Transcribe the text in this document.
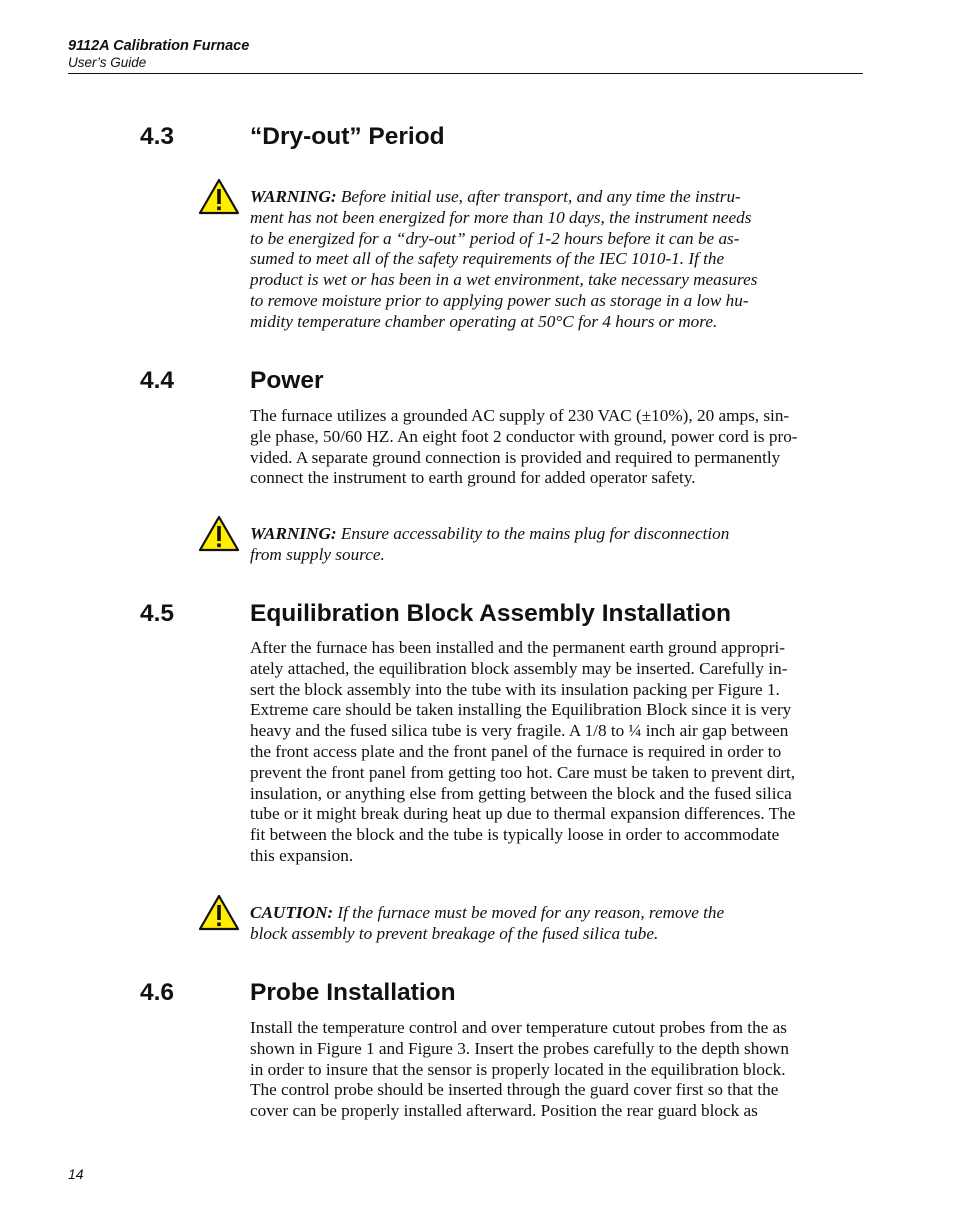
9112A Calibration Furnace
User’s Guide
4.3	“Dry-out” Period
WARNING: Before initial use, after transport, and any time the instru-
ment has not been energized for more than 10 days, the instrument needs
to be energized for a “dry-out” period of 1-2 hours before it can be as-
sumed to meet all of the safety requirements of the IEC 1010-1. If the
product is wet or has been in a wet environment, take necessary measures
to remove moisture prior to applying power such as storage in a low hu-
midity temperature chamber operating at 50°C for 4 hours or more.
4.4	Power
The furnace utilizes a grounded AC supply of 230 VAC (±10%), 20 amps, sin-
gle phase, 50/60 HZ. An eight foot 2 conductor with ground, power cord is pro-
vided. A separate ground connection is provided and required to permanently
connect the instrument to earth ground for added operator safety.
WARNING: Ensure accessability to the mains plug for disconnection
from supply source.
4.5	Equilibration Block Assembly Installation
After the furnace has been installed and the permanent earth ground appropri-
ately attached, the equilibration block assembly may be inserted. Carefully in-
sert the block assembly into the tube with its insulation packing per Figure 1.
Extreme care should be taken installing the Equilibration Block since it is very
heavy and the fused silica tube is very fragile. A 1/8 to ¼ inch air gap between
the front access plate and the front panel of the furnace is required in order to
prevent the front panel from getting too hot. Care must be taken to prevent dirt,
insulation, or anything else from getting between the block and the fused silica
tube or it might break during heat up due to thermal expansion differences. The
fit between the block and the tube is typically loose in order to accommodate
this expansion.
CAUTION: If the furnace must be moved for any reason, remove the
block assembly to prevent breakage of the fused silica tube.
4.6	Probe Installation
Install the temperature control and over temperature cutout probes from the as
shown in Figure 1 and Figure 3. Insert the probes carefully to the depth shown
in order to insure that the sensor is properly located in the equilibration block.
The control probe should be inserted through the guard cover first so that the
cover can be properly installed afterward. Position the rear guard block as
14
